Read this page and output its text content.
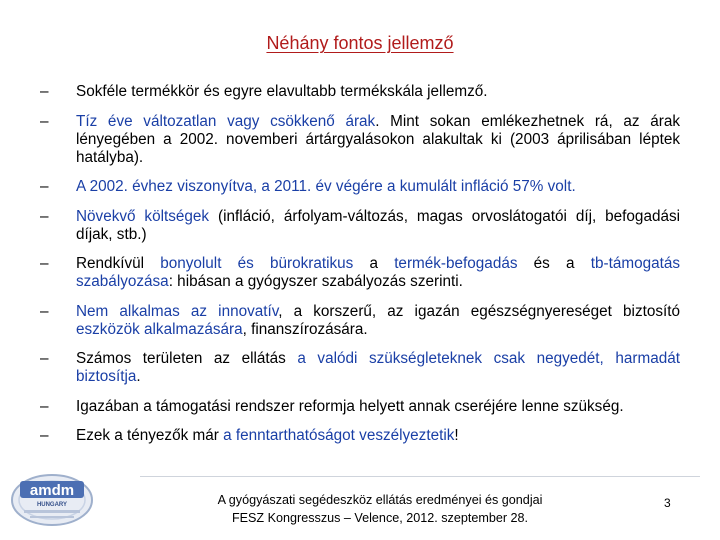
Néhány fontos jellemző
– Sokféle termékkör és egyre elavultabb termékskála jellemző.
– Tíz éve változatlan vagy csökkenő árak. Mint sokan emlékezhetnek rá, az árak lényegében a 2002. novemberi ártárgyalásokon alakultak ki (2003 áprilisában léptek hatályba).
– A 2002. évhez viszonyítva, a 2011. év végére a kumulált infláció 57% volt.
– Növekvő költségek (infláció, árfolyam-változás, magas orvoslátogatói díj, befogadási díjak, stb.)
– Rendkívül bonyolult és bürokratikus a termék-befogadás és a tb-támogatás szabályozása: hibásan a gyógyszer szabályozás szerinti.
– Nem alkalmas az innovatív, a korszerű, az igazán egészségnyereséget biztosító eszközök alkalmazására, finanszírozására.
– Számos területen az ellátás a valódi szükségleteknek csak negyedét, harmadát biztosítja.
– Igazában a támogatási rendszer reformja helyett annak cseréjére lenne szükség.
– Ezek a tényezők már a fenntarthatóságot veszélyeztetik!
amdm
HUNGARY	A gyógyászati segédeszköz ellátás eredményei és gondjai
FESZ Kongresszus – Velence, 2012. szeptember 28.
3
